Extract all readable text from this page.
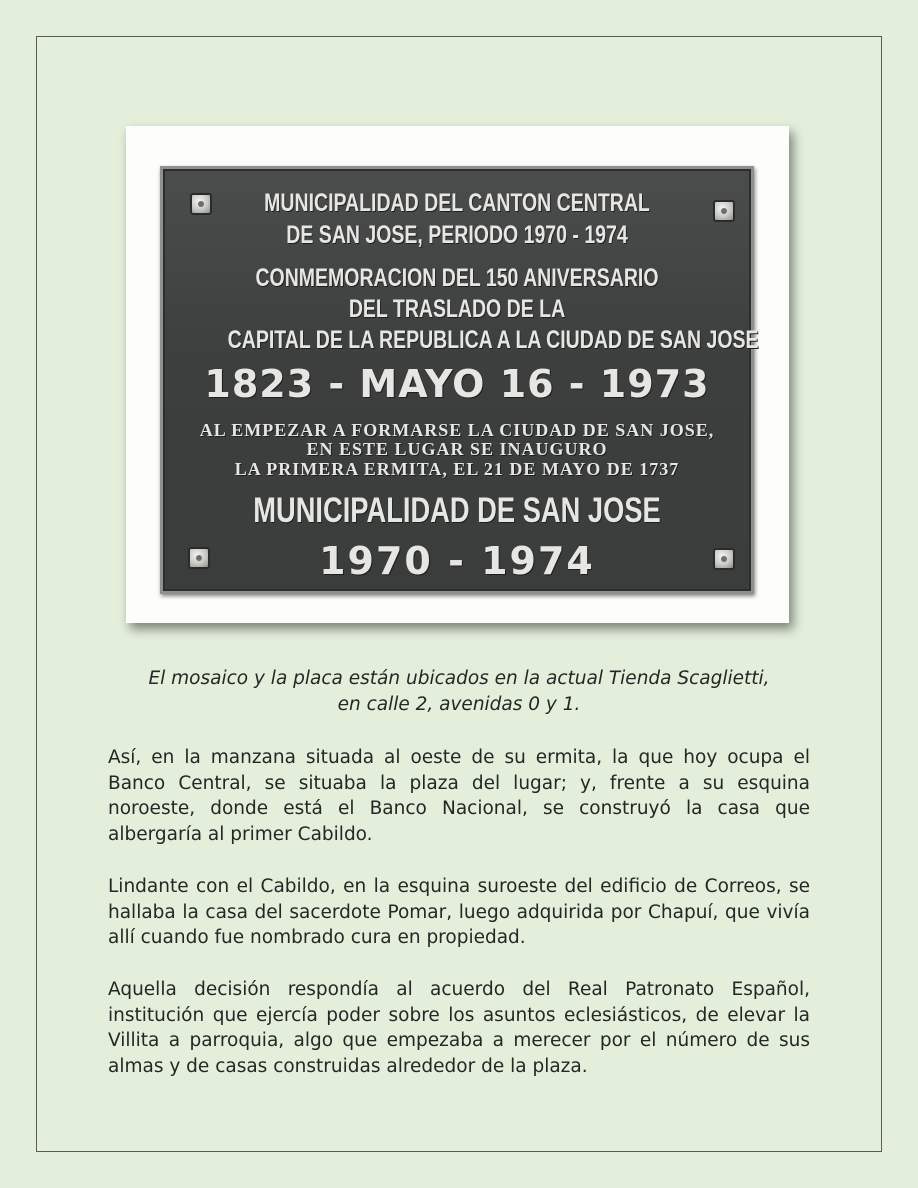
MUNICIPALIDAD DEL CANTON CENTRAL
DE SAN JOSE, PERIODO 1970 - 1974
CONMEMORACION DEL 150 ANIVERSARIO
DEL TRASLADO DE LA
CAPITAL DE LA REPUBLICA A LA CIUDAD DE SAN JOSE
1823 - MAYO 16 - 1973
AL EMPEZAR A FORMARSE LA CIUDAD DE SAN JOSE,
EN ESTE LUGAR SE INAUGURO
LA PRIMERA ERMITA, EL 21 DE MAYO DE 1737
MUNICIPALIDAD DE SAN JOSE
1970 - 1974
El mosaico y la placa están ubicados en la actual Tienda Scaglietti,
en calle 2, avenidas 0 y 1.

Así, en la manzana situada al oeste de su ermita, la que hoy ocupa el Banco Central, se situaba la plaza del lugar; y, frente a su esquina noroeste, donde está el Banco Nacional, se construyó la casa que albergaría al primer Cabildo.

Lindante con el Cabildo, en la esquina suroeste del edificio de Correos, se hallaba la casa del sacerdote Pomar, luego adquirida por Chapuí, que vivía allí cuando fue nombrado cura en propiedad.

Aquella decisión respondía al acuerdo del Real Patronato Español, institución que ejercía poder sobre los asuntos eclesiásticos, de elevar la Villita a parroquia, algo que empezaba a merecer por el número de sus almas y de casas construidas alrededor de la plaza.
